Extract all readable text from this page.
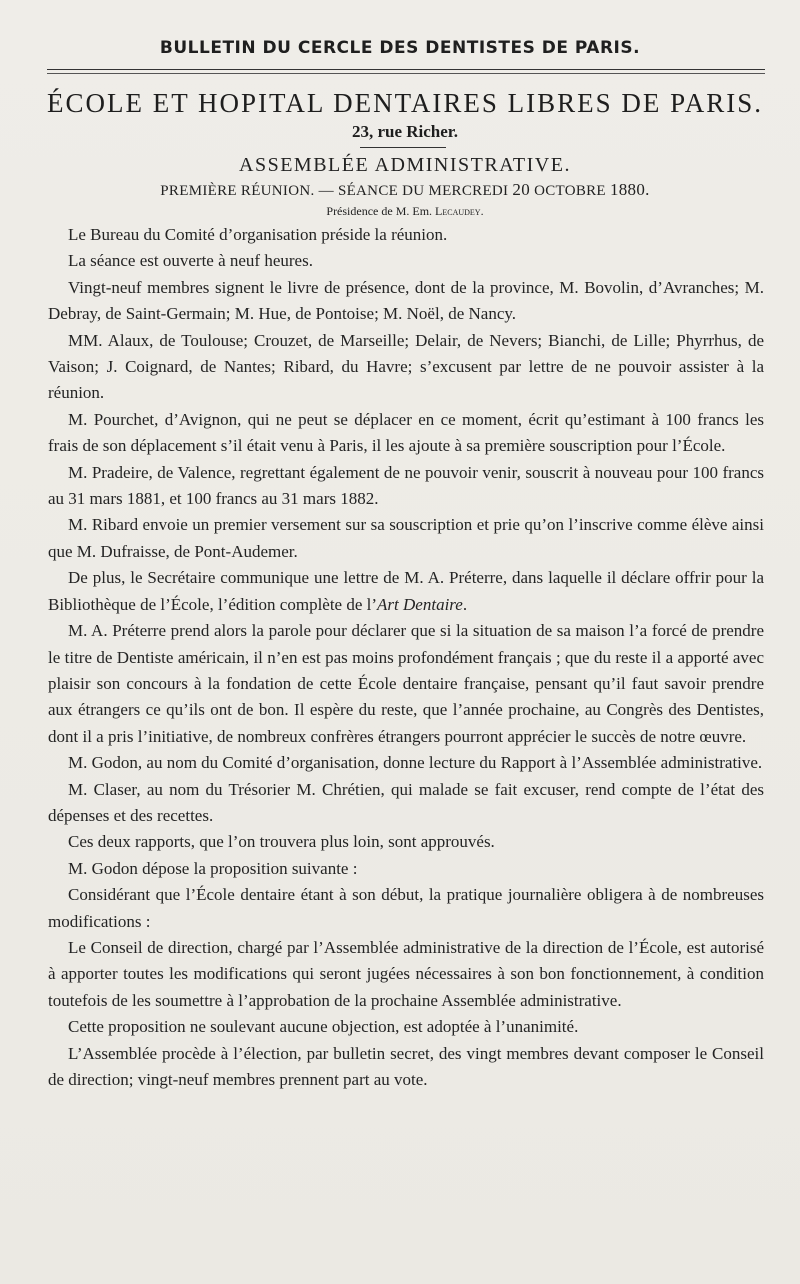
BULLETIN DU CERCLE DES DENTISTES DE PARIS.
ÉCOLE ET HOPITAL DENTAIRES LIBRES DE PARIS.
23, rue Richer.
ASSEMBLÉE ADMINISTRATIVE.
PREMIÈRE RÉUNION. — SÉANCE DU MERCREDI 20 OCTOBRE 1880.
Présidence de M. Em. Lecaudey.

Le Bureau du Comité d’organisation préside la réunion.

La séance est ouverte à neuf heures.

Vingt-neuf membres signent le livre de présence, dont de la province, M. Bovolin, d’Avranches; M. Debray, de Saint-Germain; M. Hue, de Pontoise; M. Noël, de Nancy.

MM. Alaux, de Toulouse; Crouzet, de Marseille; Delair, de Nevers; Bianchi, de Lille; Phyrrhus, de Vaison; J. Coignard, de Nantes; Ribard, du Havre; s’excusent par lettre de ne pouvoir assister à la réunion.

M. Pourchet, d’Avignon, qui ne peut se déplacer en ce moment, écrit qu’estimant à 100 francs les frais de son déplacement s’il était venu à Paris, il les ajoute à sa première souscription pour l’École.

M. Pradeire, de Valence, regrettant également de ne pouvoir venir, souscrit à nouveau pour 100 francs au 31 mars 1881, et 100 francs au 31 mars 1882.

M. Ribard envoie un premier versement sur sa souscription et prie qu’on l’inscrive comme élève ainsi que M. Dufraisse, de Pont-Audemer.

De plus, le Secrétaire communique une lettre de M. A. Préterre, dans laquelle il déclare offrir pour la Bibliothèque de l’École, l’édition complète de l’Art Dentaire.

M. A. Préterre prend alors la parole pour déclarer que si la situation de sa maison l’a forcé de prendre le titre de Dentiste américain, il n’en est pas moins profondément français ; que du reste il a apporté avec plaisir son concours à la fondation de cette École dentaire française, pensant qu’il faut savoir prendre aux étrangers ce qu’ils ont de bon. Il espère du reste, que l’année prochaine, au Congrès des Dentistes, dont il a pris l’initiative, de nombreux confrères étrangers pourront apprécier le succès de notre œuvre.

M. Godon, au nom du Comité d’organisation, donne lecture du Rapport à l’Assemblée administrative.

M. Claser, au nom du Trésorier M. Chrétien, qui malade se fait excuser, rend compte de l’état des dépenses et des recettes.

Ces deux rapports, que l’on trouvera plus loin, sont approuvés.

M. Godon dépose la proposition suivante :

Considérant que l’École dentaire étant à son début, la pratique journalière obligera à de nombreuses modifications :

Le Conseil de direction, chargé par l’Assemblée administrative de la direction de l’École, est autorisé à apporter toutes les modifications qui seront jugées nécessaires à son bon fonctionnement, à condition toutefois de les soumettre à l’approbation de la prochaine Assemblée administrative.

Cette proposition ne soulevant aucune objection, est adoptée à l’unanimité.

L’Assemblée procède à l’élection, par bulletin secret, des vingt membres devant composer le Conseil de direction; vingt-neuf membres prennent part au vote.
